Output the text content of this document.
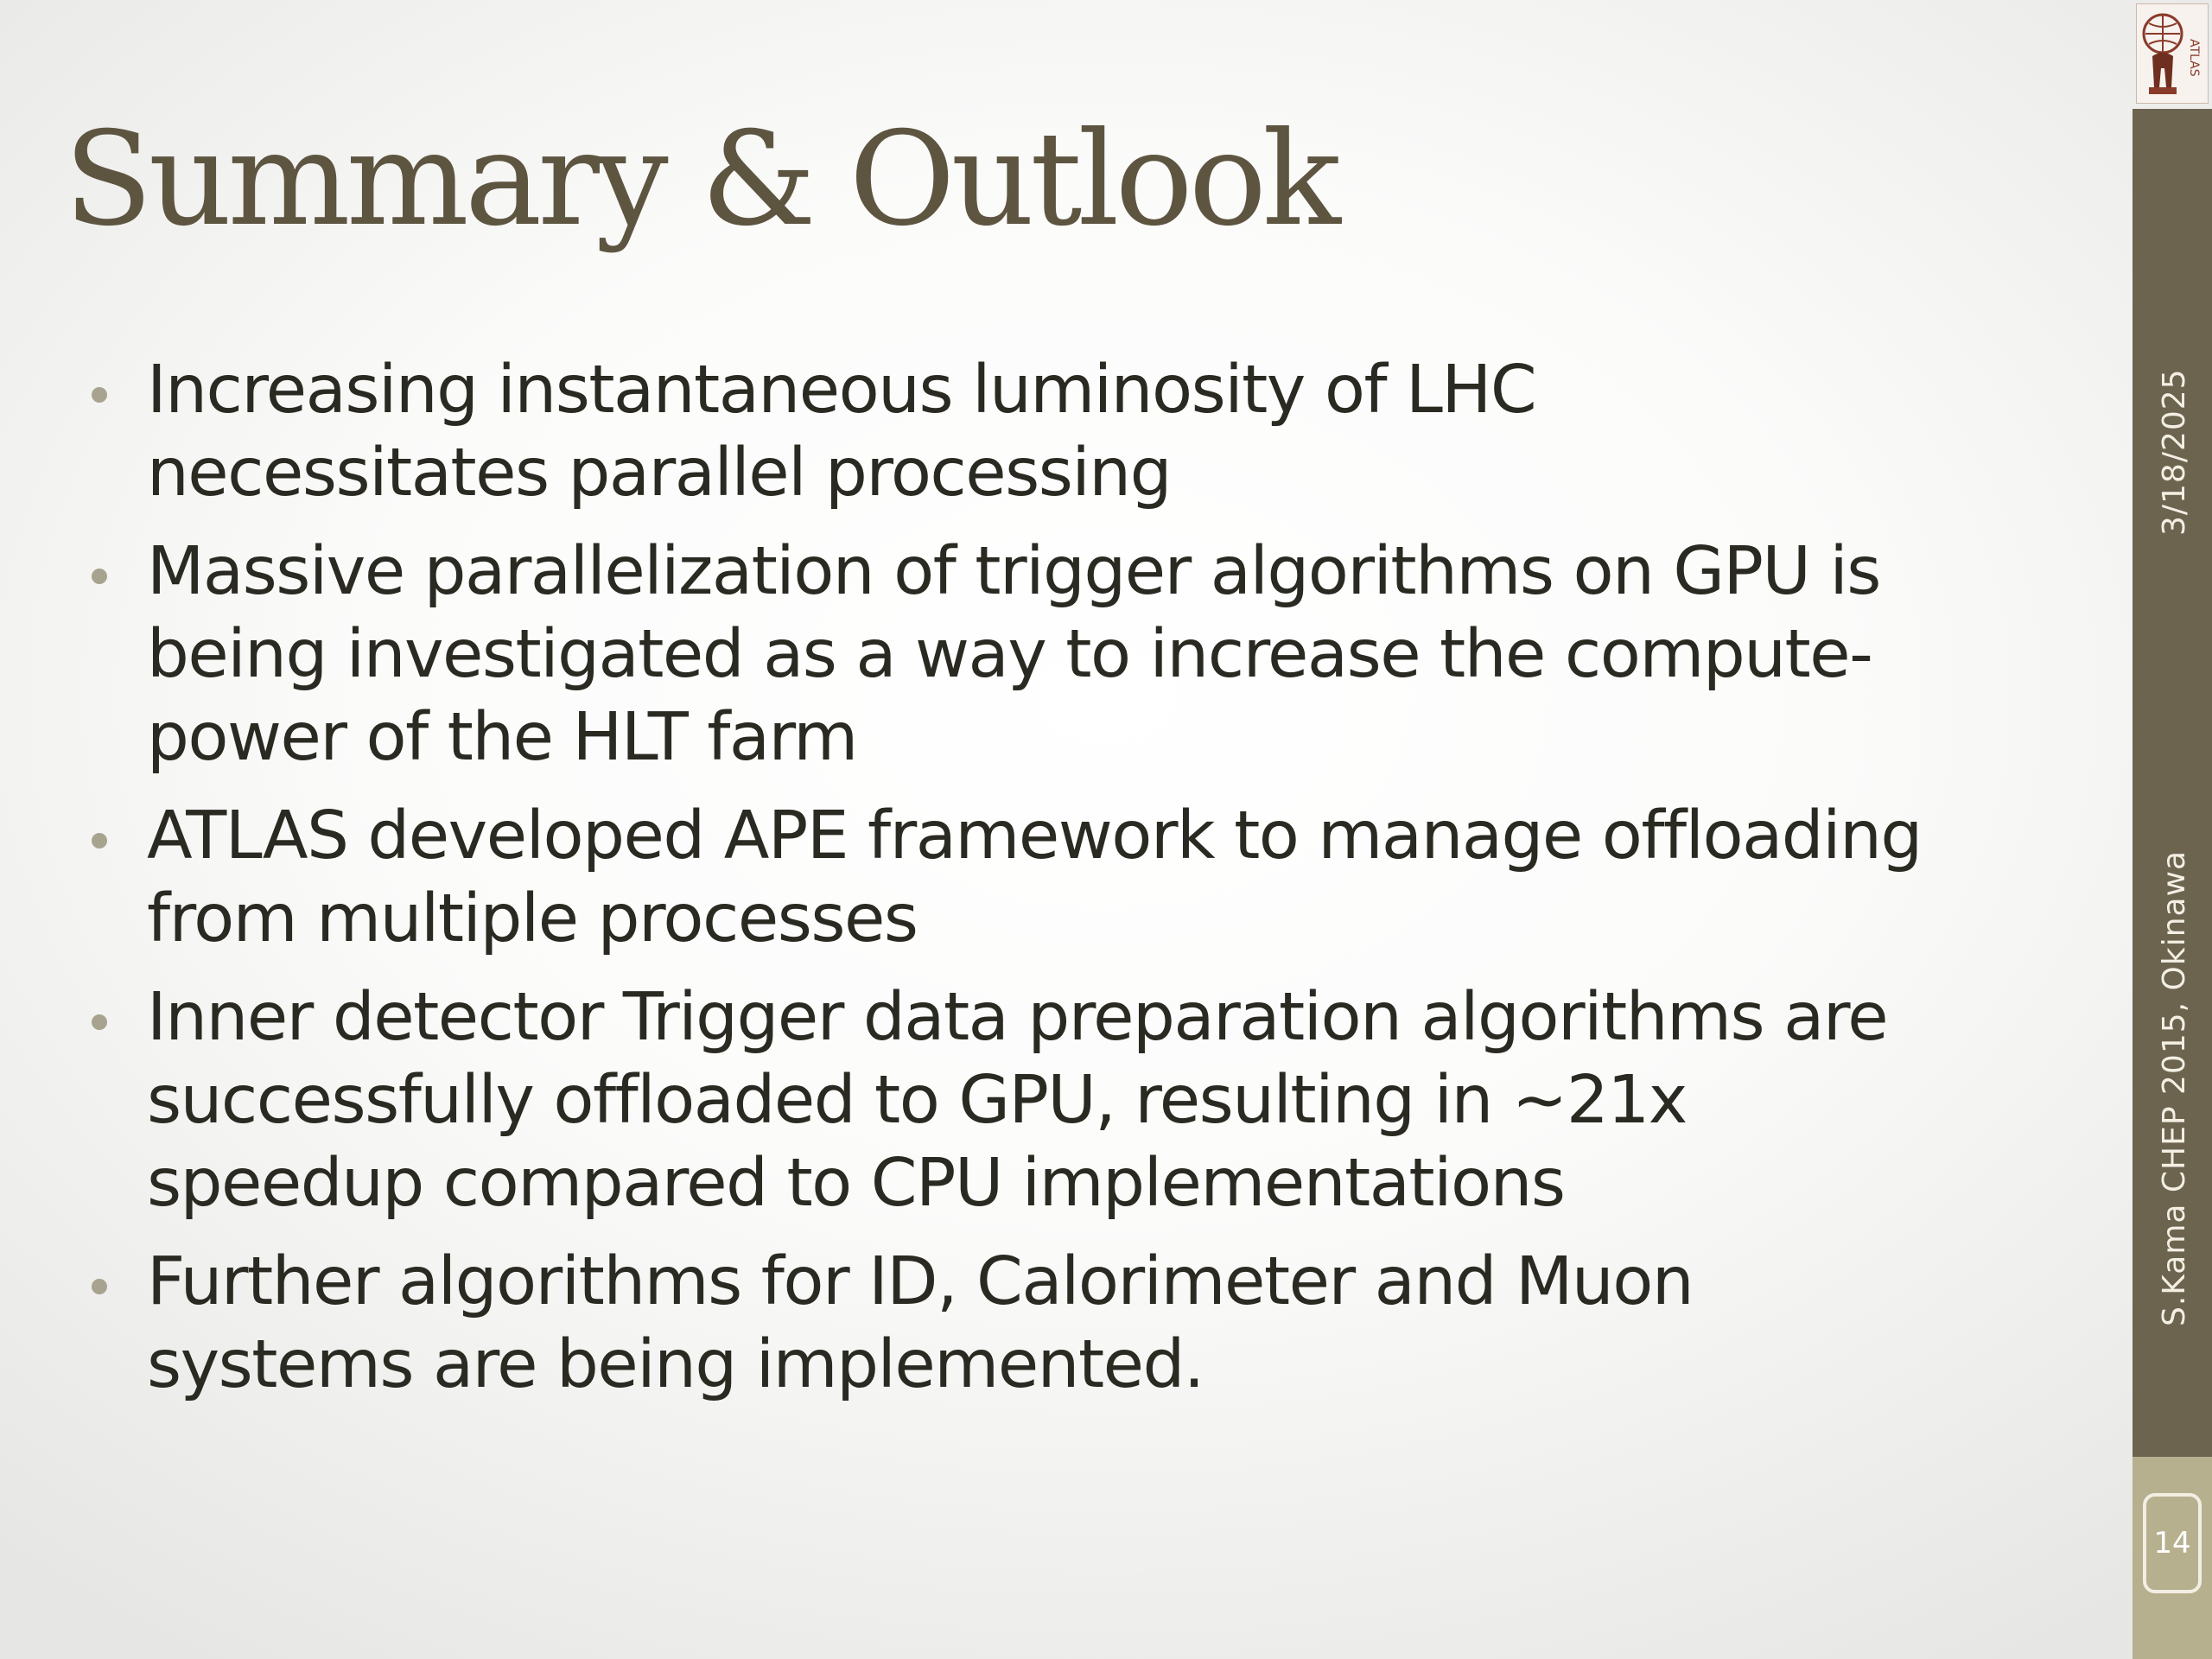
Summary & Outlook
Increasing instantaneous luminosity of LHC
necessitates parallel processing
Massive parallelization of trigger algorithms on GPU is
being investigated as a way to increase the compute-
power of the HLT farm
ATLAS developed APE framework to manage offloading
from multiple processes
Inner detector Trigger data preparation algorithms are
successfully offloaded to GPU, resulting in ~21x
speedup compared to CPU implementations
Further algorithms for ID, Calorimeter and Muon
systems are being implemented.
ATLAS
3/18/2025
S.Kama CHEP 2015, Okinawa
14
